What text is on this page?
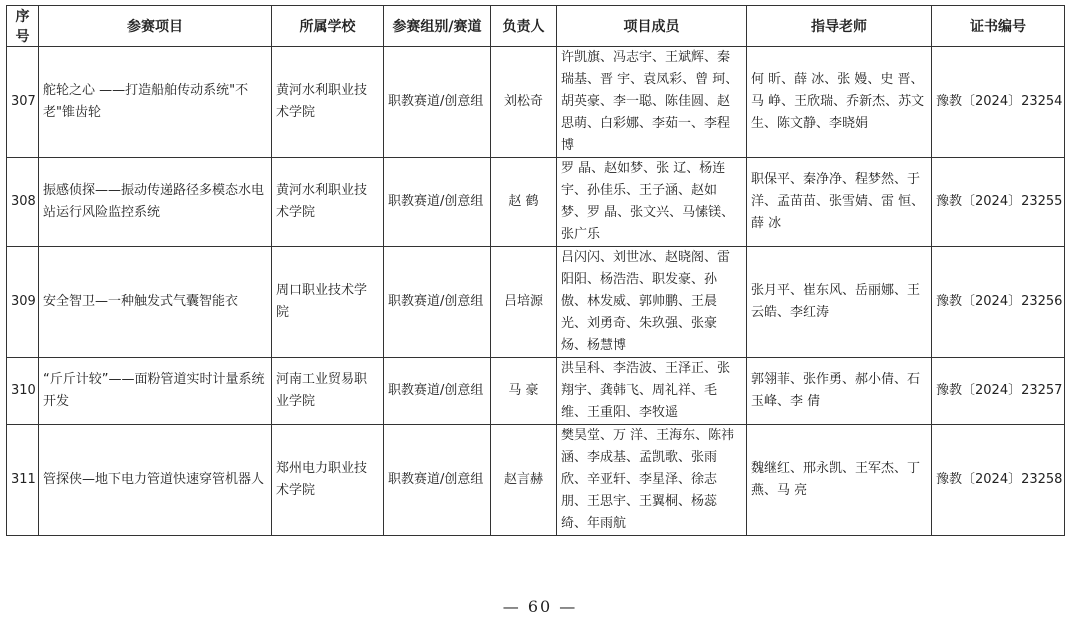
序号	参赛项目	所属学校	参赛组别/赛道	负责人	项目成员	指导老师	证书编号
307	舵轮之心 ——打造船舶传动系统"不老"锥齿轮	黄河水利职业技术学院	职教赛道/创意组	刘松奇	许凯旗、冯志宇、王斌辉、秦瑞基、晋 宇、袁凤彩、曾 珂、胡英豪、李一聪、陈佳圆、赵思萌、白彩娜、李茹一、李程博	何 昕、薛 冰、张 嫚、史 晋、马 峥、王欣瑞、乔新杰、苏文生、陈文静、李晓娟	豫教〔2024〕23254
308	振感侦探——振动传递路径多模态水电站运行风险监控系统	黄河水利职业技术学院	职教赛道/创意组	赵 鹤	罗 晶、赵如梦、张 辽、杨连宇、孙佳乐、王子涵、赵如梦、罗 晶、张文兴、马愫镁、张广乐	职保平、秦净净、程梦然、于 洋、孟苗苗、张雪婧、雷 恒、薛 冰	豫教〔2024〕23255
309	安全智卫—一种触发式气囊智能衣	周口职业技术学院	职教赛道/创意组	吕培源	吕闪闪、刘世冰、赵晓阁、雷阳阳、杨浩浩、职发豪、孙 傲、林发威、郭帅鹏、王晨光、刘勇奇、朱玖强、张豪炀、杨慧博	张月平、崔东风、岳丽娜、王云皓、李红涛	豫教〔2024〕23256
310	“斤斤计较”——面粉管道实时计量系统开发	河南工业贸易职业学院	职教赛道/创意组	马 豪	洪呈科、李浩波、王泽正、张翔宇、龚韩飞、周礼祥、毛 维、王重阳、李牧遥	郭翎菲、张作勇、郝小倩、石玉峰、李 倩	豫教〔2024〕23257
311	管探侠—地下电力管道快速穿管机器人	郑州电力职业技术学院	职教赛道/创意组	赵言赫	樊昊堂、万 洋、王海东、陈祎涵、李成基、孟凯歌、张雨欣、辛亚轩、李星泽、徐志朋、王思宇、王翼桐、杨蕊绮、年雨航	魏继红、邢永凯、王军杰、丁 燕、马 亮	豫教〔2024〕23258
— 60 —
